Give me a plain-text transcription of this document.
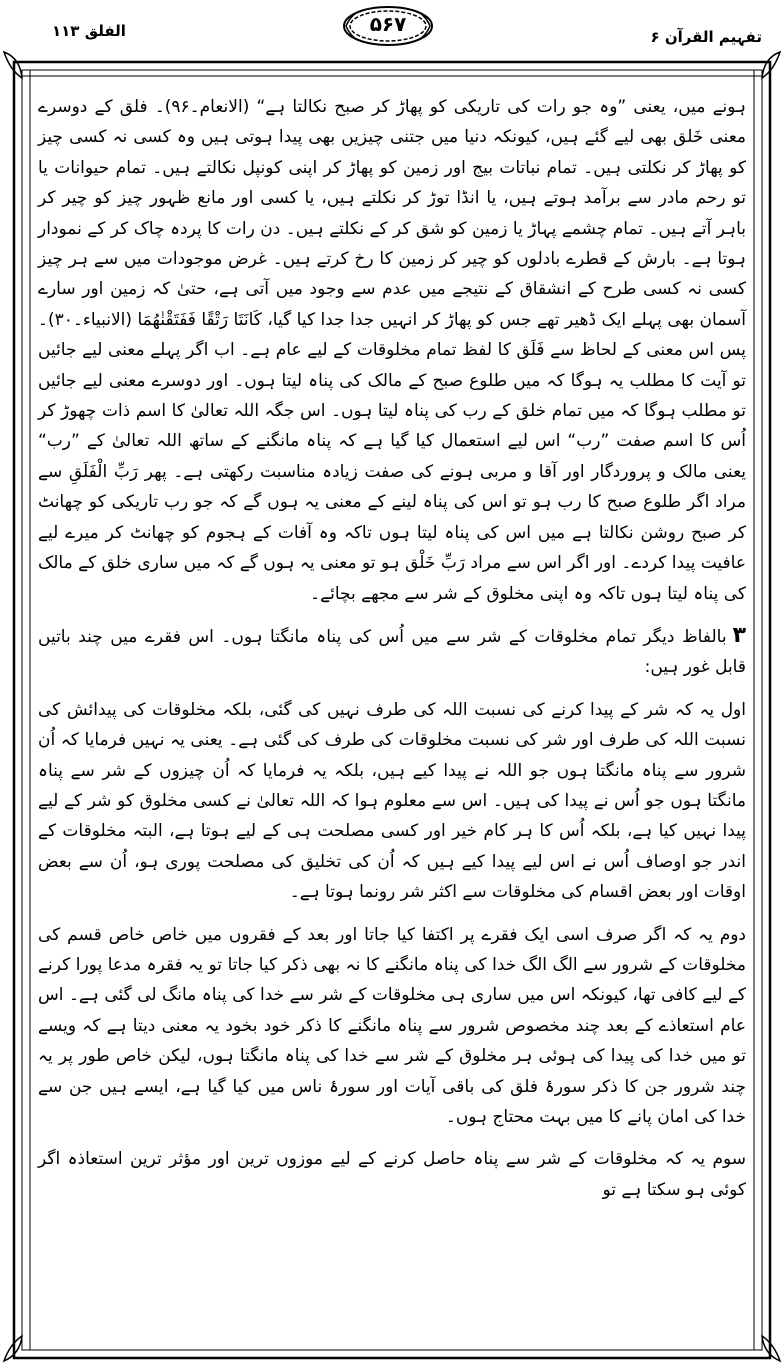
الفلق ۱۱۳	۵۶۷
تفہیم القرآن ۶

ہونے میں، یعنی ”وہ جو رات کی تاریکی کو پھاڑ کر صبح نکالتا ہے“ (الانعام۔۹۶)۔ فلق کے دوسرے معنی خَلق بھی لیے گئے ہیں، کیونکہ دنیا میں جتنی چیزیں بھی پیدا ہوتی ہیں وہ کسی نہ کسی چیز کو پھاڑ کر نکلتی ہیں۔ تمام نباتات بیج اور زمین کو پھاڑ کر اپنی کونپل نکالتے ہیں۔ تمام حیوانات یا تو رحم مادر سے برآمد ہوتے ہیں، یا انڈا توڑ کر نکلتے ہیں، یا کسی اور مانع ظہور چیز کو چیر کر باہر آتے ہیں۔ تمام چشمے پہاڑ یا زمین کو شق کر کے نکلتے ہیں۔ دن رات کا پردہ چاک کر کے نمودار ہوتا ہے۔ بارش کے قطرے بادلوں کو چیر کر زمین کا رخ کرتے ہیں۔ غرض موجودات میں سے ہر چیز کسی نہ کسی طرح کے انشقاق کے نتیجے میں عدم سے وجود میں آتی ہے، حتیٰ کہ زمین اور سارے آسمان بھی پہلے ایک ڈھیر تھے جس کو پھاڑ کر انہیں جدا جدا کیا گیا، كَانَتَا رَتْقًا فَفَتَقْنٰهُمَا (الانبیاء۔۳۰)۔ پس اس معنی کے لحاظ سے فَلَق کا لفظ تمام مخلوقات کے لیے عام ہے۔ اب اگر پہلے معنی لیے جائیں تو آیت کا مطلب یہ ہوگا کہ میں طلوع صبح کے مالک کی پناہ لیتا ہوں۔ اور دوسرے معنی لیے جائیں تو مطلب ہوگا کہ میں تمام خلق کے رب کی پناہ لیتا ہوں۔ اس جگہ اللہ تعالیٰ کا اسم ذات چھوڑ کر اُس کا اسم صفت ”رب“ اس لیے استعمال کیا گیا ہے کہ پناہ مانگنے کے ساتھ اللہ تعالیٰ کے ”رب“ یعنی مالک و پروردگار اور آقا و مربی ہونے کی صفت زیادہ مناسبت رکھتی ہے۔ پھر رَبِّ الْفَلَقِ سے مراد اگر طلوع صبح کا رب ہو تو اس کی پناہ لینے کے معنی یہ ہوں گے کہ جو رب تاریکی کو چھانٹ کر صبح روشن نکالتا ہے میں اس کی پناہ لیتا ہوں تاکہ وہ آفات کے ہجوم کو چھانٹ کر میرے لیے عافیت پیدا کردے۔ اور اگر اس سے مراد رَبِّ خَلْق ہو تو معنی یہ ہوں گے کہ میں ساری خلق کے مالک کی پناہ لیتا ہوں تاکہ وہ اپنی مخلوق کے شر سے مجھے بچائے۔

۳بالفاظ دیگر تمام مخلوقات کے شر سے میں اُس کی پناہ مانگتا ہوں۔ اس فقرے میں چند باتیں قابل غور ہیں:

اول یہ کہ شر کے پیدا کرنے کی نسبت اللہ کی طرف نہیں کی گئی، بلکہ مخلوقات کی پیدائش کی نسبت اللہ کی طرف اور شر کی نسبت مخلوقات کی طرف کی گئی ہے۔ یعنی یہ نہیں فرمایا کہ اُن شرور سے پناہ مانگتا ہوں جو اللہ نے پیدا کیے ہیں، بلکہ یہ فرمایا کہ اُن چیزوں کے شر سے پناہ مانگتا ہوں جو اُس نے پیدا کی ہیں۔ اس سے معلوم ہوا کہ اللہ تعالیٰ نے کسی مخلوق کو شر کے لیے پیدا نہیں کیا ہے، بلکہ اُس کا ہر کام خیر اور کسی مصلحت ہی کے لیے ہوتا ہے، البتہ مخلوقات کے اندر جو اوصاف اُس نے اس لیے پیدا کیے ہیں کہ اُن کی تخلیق کی مصلحت پوری ہو، اُن سے بعض اوقات اور بعض اقسام کی مخلوقات سے اکثر شر رونما ہوتا ہے۔

دوم یہ کہ اگر صرف اسی ایک فقرے پر اکتفا کیا جاتا اور بعد کے فقروں میں خاص خاص قسم کی مخلوقات کے شرور سے الگ الگ خدا کی پناہ مانگنے کا نہ بھی ذکر کیا جاتا تو یہ فقرہ مدعا پورا کرنے کے لیے کافی تھا، کیونکہ اس میں ساری ہی مخلوقات کے شر سے خدا کی پناہ مانگ لی گئی ہے۔ اس عام استعاذے کے بعد چند مخصوص شرور سے پناہ مانگنے کا ذکر خود بخود یہ معنی دیتا ہے کہ ویسے تو میں خدا کی پیدا کی ہوئی ہر مخلوق کے شر سے خدا کی پناہ مانگتا ہوں، لیکن خاص طور پر یہ چند شرور جن کا ذکر سورۂ فلق کی باقی آیات اور سورۂ ناس میں کیا گیا ہے، ایسے ہیں جن سے خدا کی امان پانے کا میں بہت محتاج ہوں۔

سوم یہ کہ مخلوقات کے شر سے پناہ حاصل کرنے کے لیے موزوں ترین اور مؤثر ترین استعاذہ اگر کوئی ہو سکتا ہے تو
